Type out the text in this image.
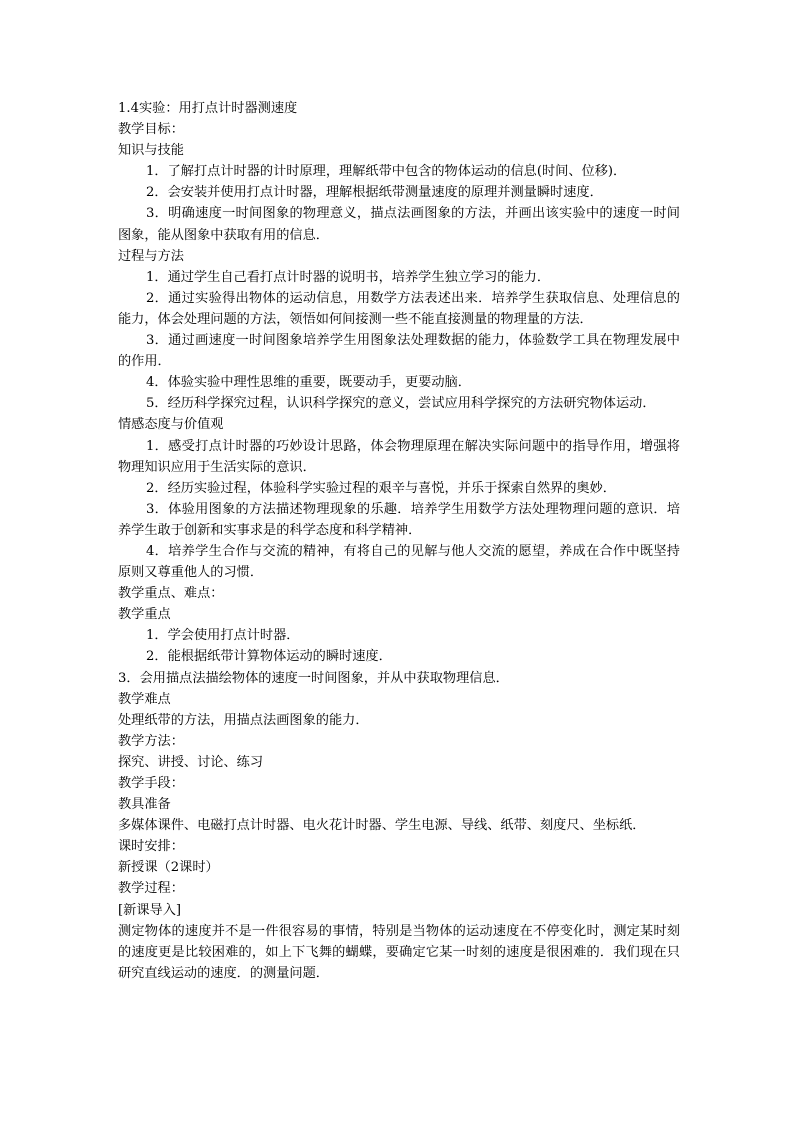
1.4实验：用打点计时器测速度

教学目标：

知识与技能

1．了解打点计时器的计时原理，理解纸带中包含的物体运动的信息(时间、位移)．

2．会安装并使用打点计时器，理解根据纸带测量速度的原理并测量瞬时速度．

3．明确速度一时间图象的物理意义，描点法画图象的方法，并画出该实验中的速度一时间图象，能从图象中获取有用的信息．

过程与方法

1．通过学生自己看打点计时器的说明书，培养学生独立学习的能力．

2．通过实验得出物体的运动信息，用数学方法表述出来．培养学生获取信息、处理信息的能力，体会处理问题的方法，领悟如何间接测一些不能直接测量的物理量的方法．

3．通过画速度一时间图象培养学生用图象法处理数据的能力，体验数学工具在物理发展中的作用．

4．体验实验中理性思维的重要，既要动手，更要动脑．

5．经历科学探究过程，认识科学探究的意义，尝试应用科学探究的方法研究物体运动．

情感态度与价值观

1．感受打点计时器的巧妙设计思路，体会物理原理在解决实际问题中的指导作用，增强将物理知识应用于生活实际的意识．

2．经历实验过程，体验科学实验过程的艰辛与喜悦，并乐于探索自然界的奥妙．

3．体验用图象的方法描述物理现象的乐趣．培养学生用数学方法处理物理问题的意识．培养学生敢于创新和实事求是的科学态度和科学精神．

4．培养学生合作与交流的精神，有将自己的见解与他人交流的愿望，养成在合作中既坚持原则又尊重他人的习惯．

教学重点、难点：

教学重点

1．学会使用打点计时器．

2．能根据纸带计算物体运动的瞬时速度．

3．会用描点法描绘物体的速度一时间图象，并从中获取物理信息．

教学难点

处理纸带的方法，用描点法画图象的能力．

教学方法：

探究、讲授、讨论、练习

教学手段：

教具准备

多媒体课件、电磁打点计时器、电火花计时器、学生电源、导线、纸带、刻度尺、坐标纸．

课时安排：

新授课（2课时）

教学过程：

[新课导入]

测定物体的速度并不是一件很容易的事情，特别是当物体的运动速度在不停变化时，测定某时刻的速度更是比较困难的，如上下飞舞的蝴蝶，要确定它某一时刻的速度是很困难的．我们现在只研究直线运动的速度．的测量问题．
